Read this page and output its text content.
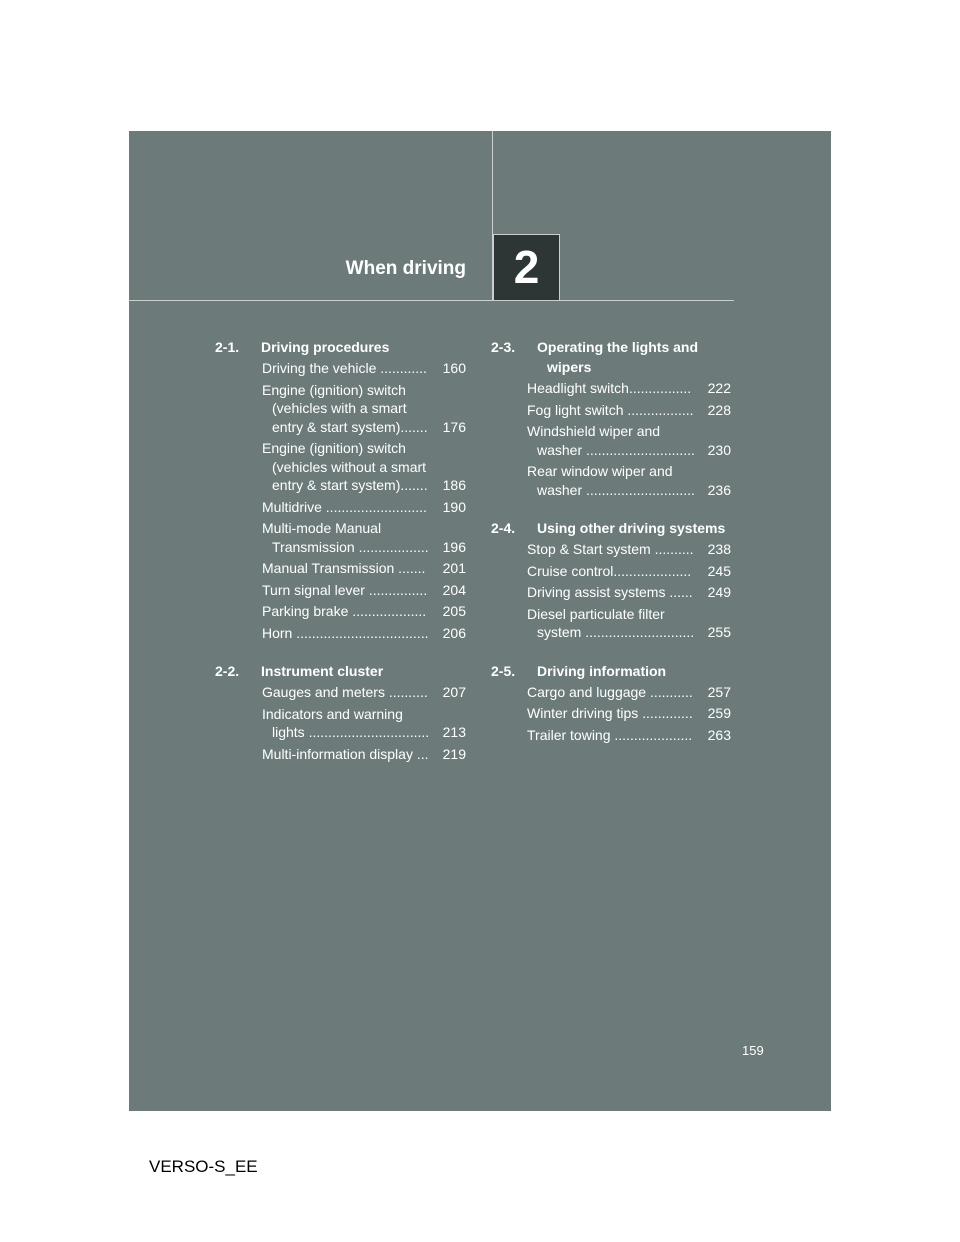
When driving	2
2-1.	Driving procedures
Driving the vehicle ............	160
Engine (ignition) switch (vehicles with a smart entry & start system).......	176
Engine (ignition) switch (vehicles without a smart entry & start system).......	186
Multidrive ..........................	190
Multi-mode Manual Transmission ..................	196
Manual Transmission .......	201
Turn signal lever ...............	204
Parking brake ...................	205
Horn ..................................	206
2-2.	Instrument cluster
Gauges and meters ..........	207
Indicators and warning lights ............................... 213
Multi-information display ...	219
2-3.	Operating the lights and wipers
Headlight switch................	222
Fog light switch .................	228
Windshield wiper and washer ............................ 230
Rear window wiper and washer ............................ 236
2-4.	Using other driving systems
Stop & Start system ..........	238
Cruise control....................	245
Driving assist systems ......	249
Diesel particulate filter system ............................ 255
2-5.	Driving information
Cargo and luggage ...........	257
Winter driving tips .............	259
Trailer towing ....................	263
159
VERSO-S_EE
